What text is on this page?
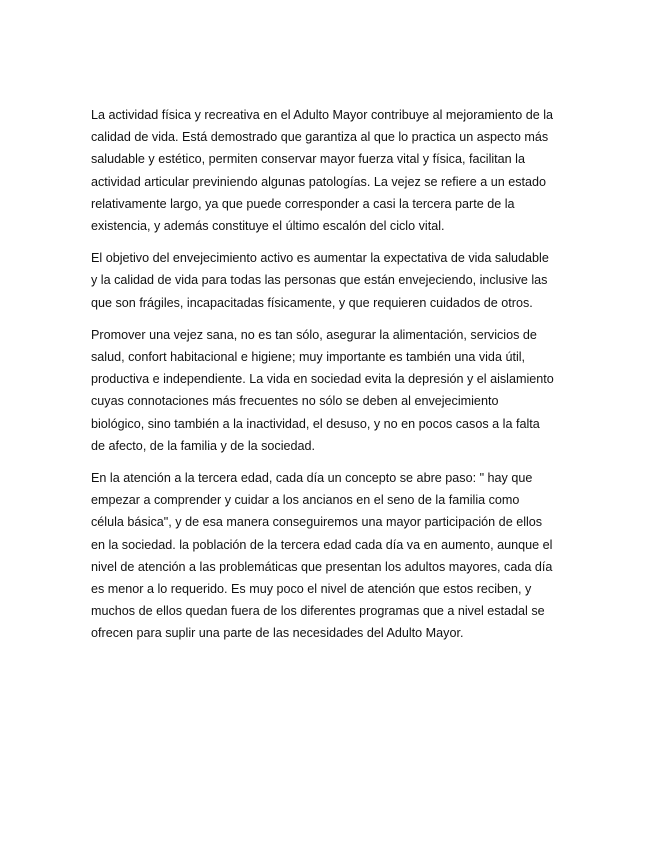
La actividad física y recreativa en el Adulto Mayor contribuye al mejoramiento de la
calidad de vida. Está demostrado que garantiza al que lo practica un aspecto más
saludable y estético, permiten conservar mayor fuerza vital y física, facilitan la
actividad articular previniendo algunas patologías. La vejez se refiere a un estado
relativamente largo, ya que puede corresponder a casi la tercera parte de la
existencia, y además constituye el último escalón del ciclo vital.

El objetivo del envejecimiento activo es aumentar la expectativa de vida saludable
y la calidad de vida para todas las personas que están envejeciendo, inclusive las
que son frágiles, incapacitadas físicamente, y que requieren cuidados de otros.

Promover una vejez sana, no es tan sólo, asegurar la alimentación, servicios de
salud, confort habitacional e higiene; muy importante es también una vida útil,
productiva e independiente. La vida en sociedad evita la depresión y el aislamiento
cuyas connotaciones más frecuentes no sólo se deben al envejecimiento
biológico, sino también a la inactividad, el desuso, y no en pocos casos a la falta
de afecto, de la familia y de la sociedad.

En la atención a la tercera edad, cada día un concepto se abre paso: " hay que
empezar a comprender y cuidar a los ancianos en el seno de la familia como
célula básica", y de esa manera conseguiremos una mayor participación de ellos
en la sociedad. la población de la tercera edad cada día va en aumento, aunque el
nivel de atención a las problemáticas que presentan los adultos mayores, cada día
es menor a lo requerido. Es muy poco el nivel de atención que estos reciben, y
muchos de ellos quedan fuera de los diferentes programas que a nivel estadal se
ofrecen para suplir una parte de las necesidades del Adulto Mayor.
